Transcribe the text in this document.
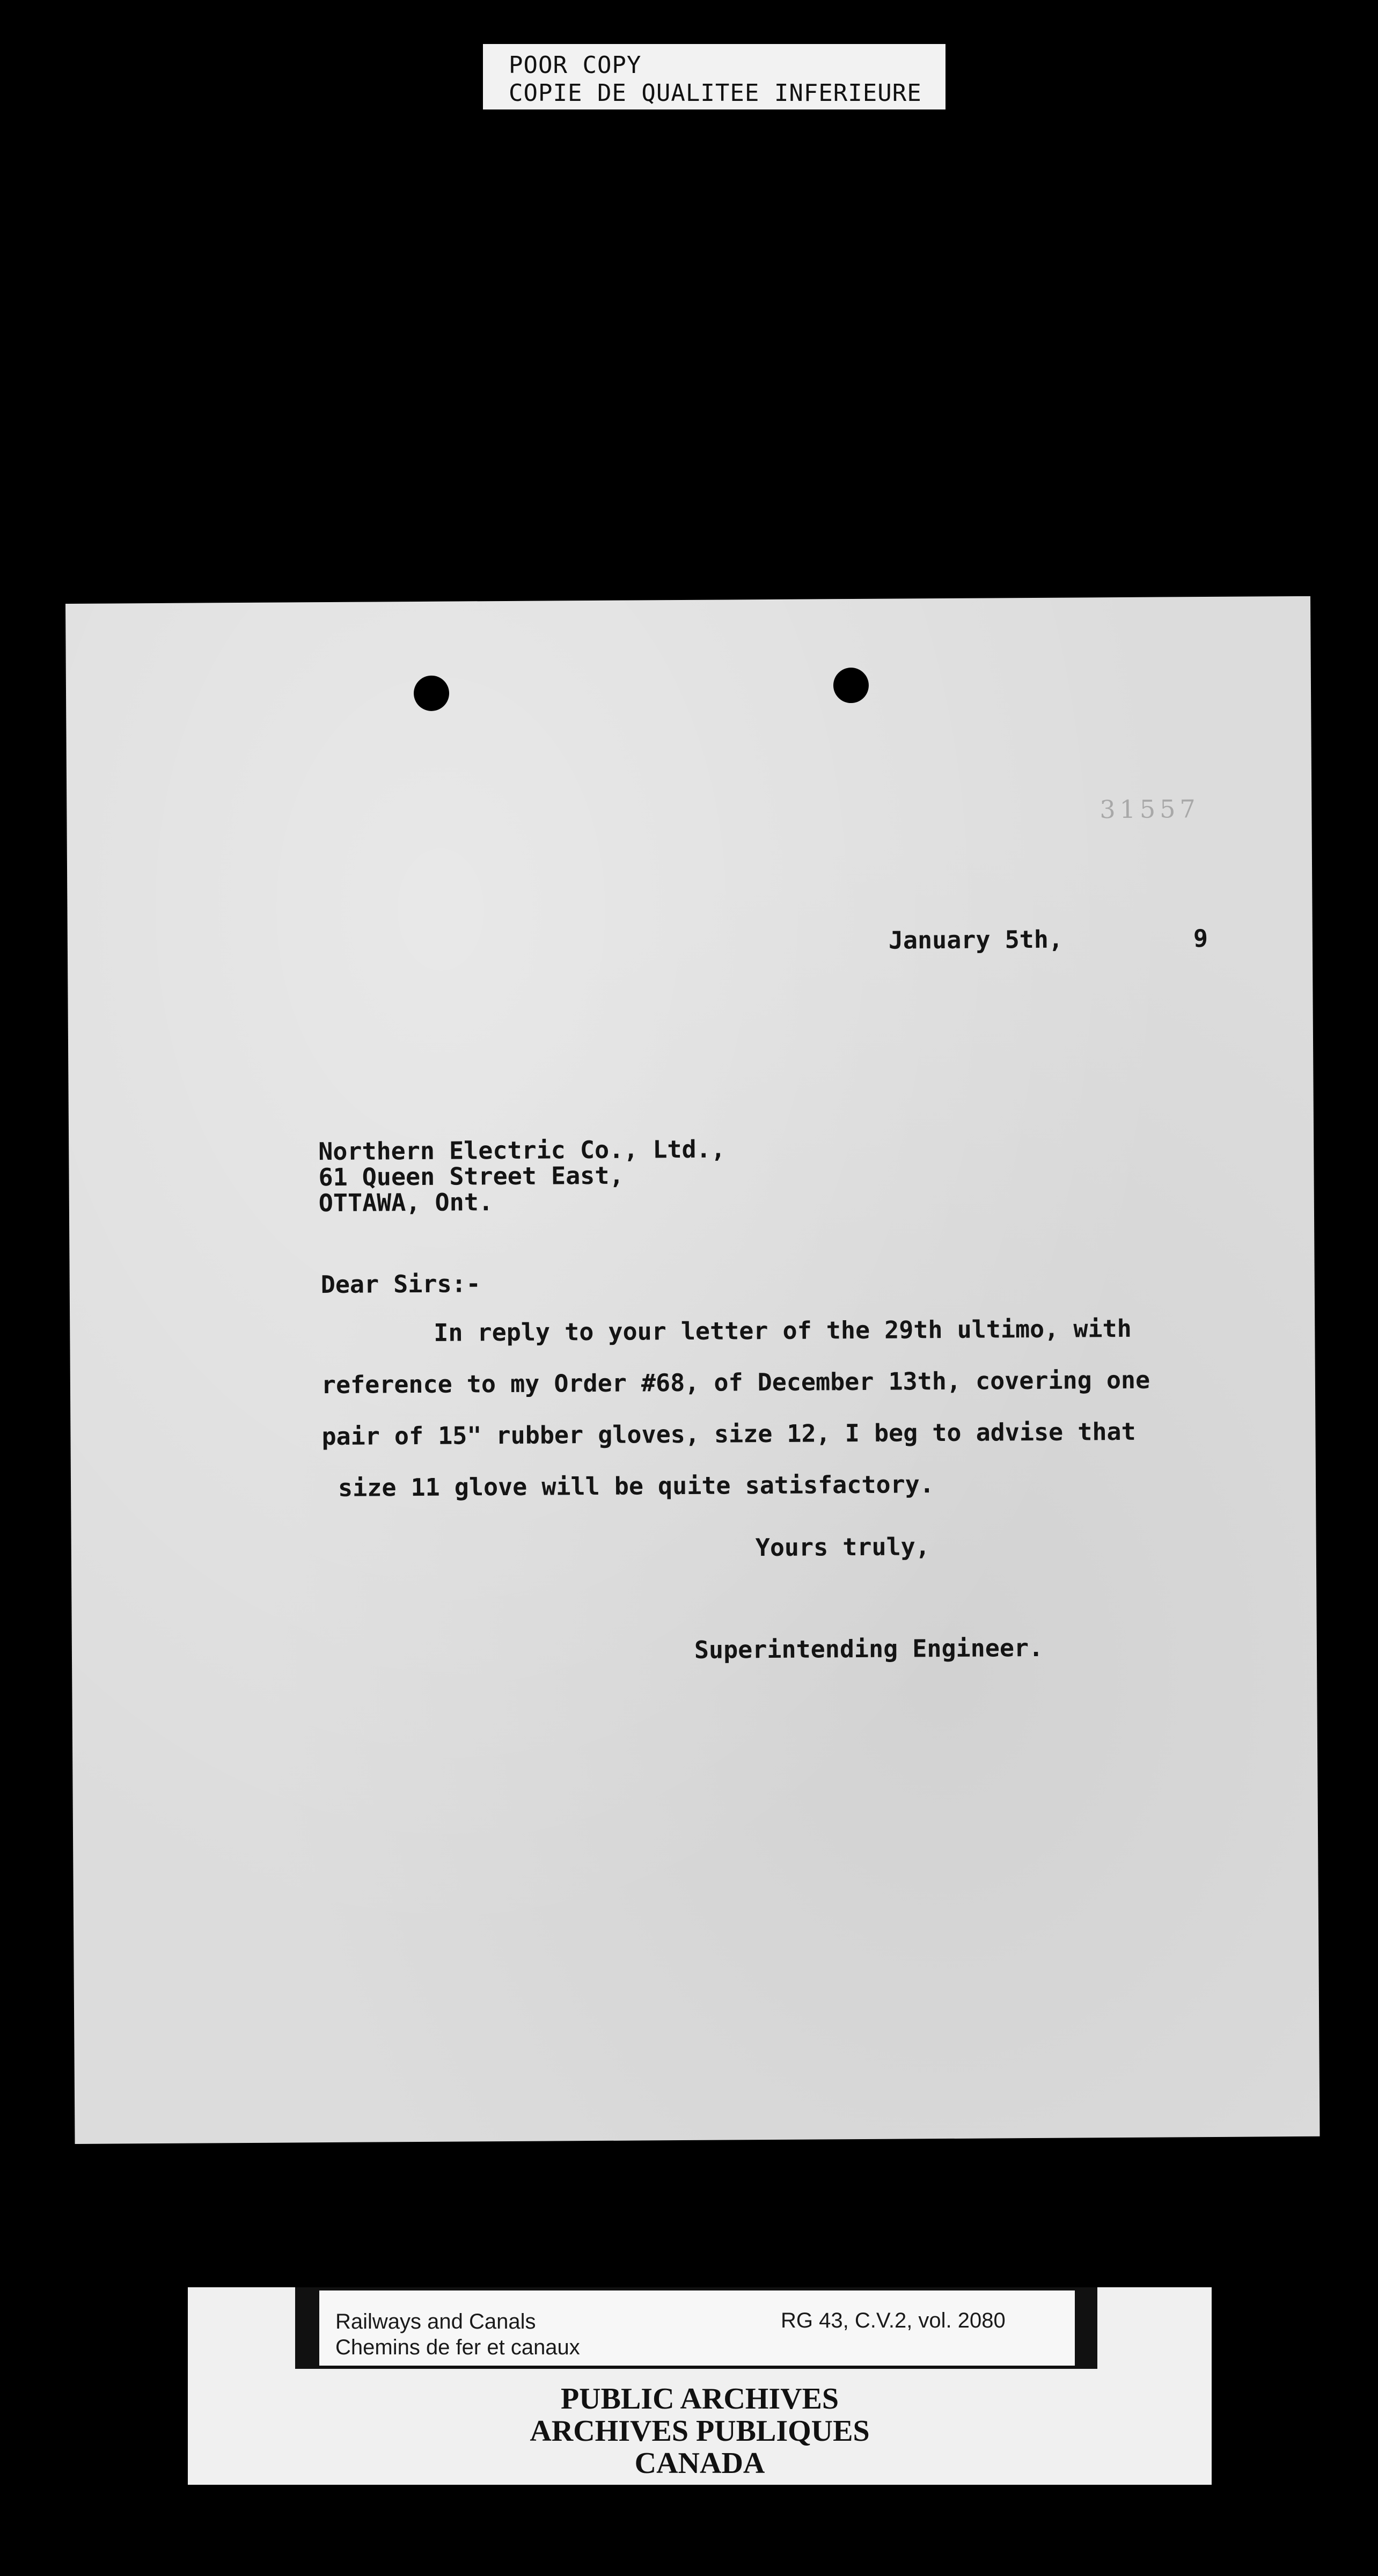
POOR COPY
COPIE DE QUALITEE INFERIEURE
31557
January 5th,	9
Northern Electric Co., Ltd.,
61 Queen Street East,
OTTAWA, Ont.
Dear Sirs:-
In reply to your letter of the 29th ultimo, with
reference to my Order #68, of December 13th, covering one
pair of 15" rubber gloves, size 12, I beg to advise that
size 11 glove will be quite satisfactory.
Yours truly,
Superintending Engineer.
Railways and Canals
Chemins de fer et canaux
RG 43, C.V.2, vol. 2080
PUBLIC ARCHIVES
ARCHIVES PUBLIQUES
CANADA
